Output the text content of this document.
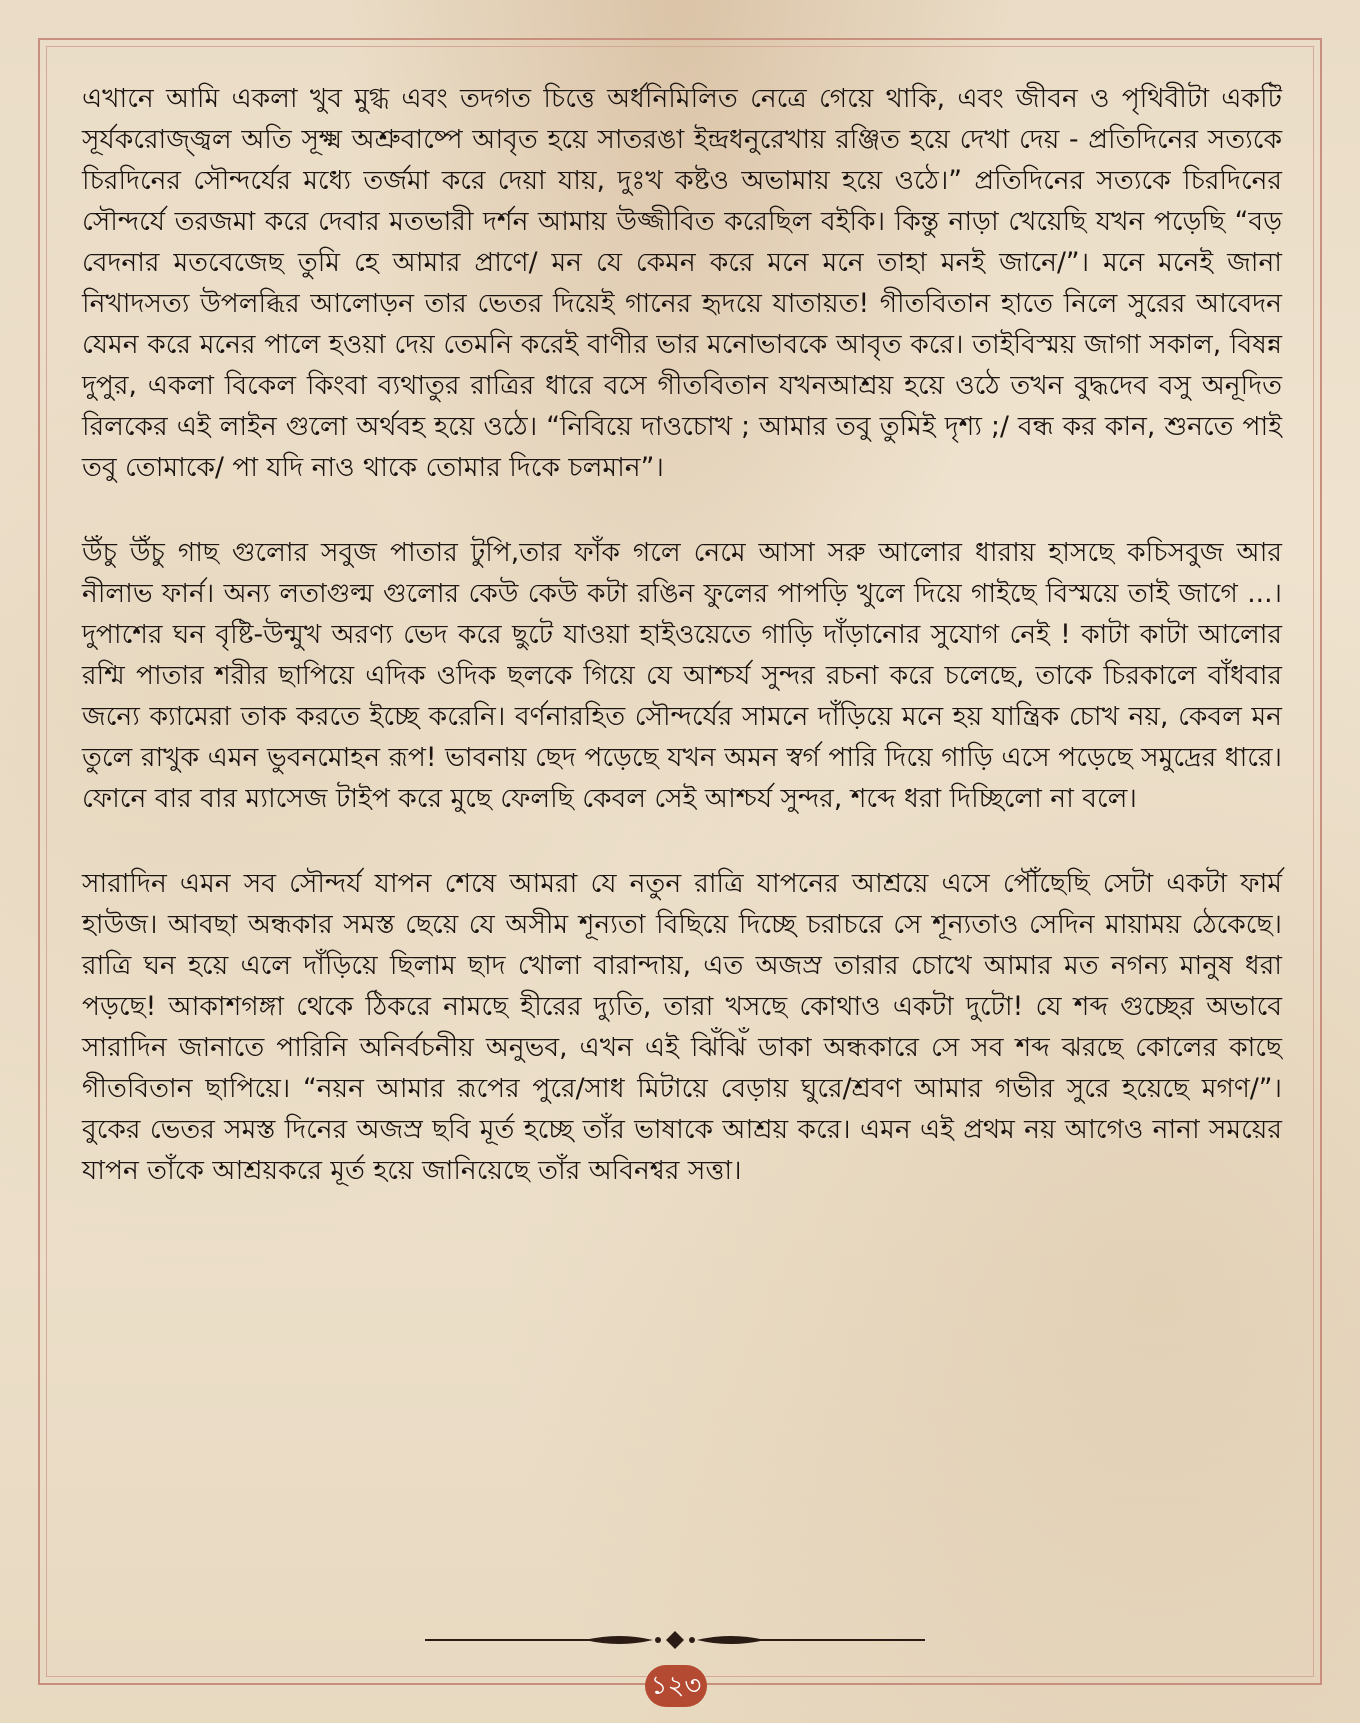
এখানে আমি একলা খুব মুগ্ধ এবং তদগত চিত্তে অর্ধনিমিলিত নেত্রে গেয়ে থাকি, এবং জীবন ও পৃথিবীটা একটি সূর্যকরোজ্জ্বল অতি সূক্ষ্ম অশ্রুবাষ্পে আবৃত হয়ে সাতরঙা ইন্দ্রধনুরেখায় রঞ্জিত হয়ে দেখা দেয় - প্রতিদিনের সত্যকে চিরদিনের সৌন্দর্যের মধ্যে তর্জমা করে দেয়া যায়, দুঃখ কষ্টও অভামায় হয়ে ওঠে।” প্রতিদিনের সত্যকে চিরদিনের সৌন্দর্যে তরজমা করে দেবার মতভারী দর্শন আমায় উজ্জীবিত করেছিল বইকি। কিন্তু নাড়া খেয়েছি যখন পড়েছি “বড় বেদনার মতবেজেছ তুমি হে আমার প্রাণে/ মন যে কেমন করে মনে মনে তাহা মনই জানে/”। মনে মনেই জানা নিখাদসত্য উপলব্ধির আলোড়ন তার ভেতর দিয়েই গানের হৃদয়ে যাতায়ত! গীতবিতান হাতে নিলে সুরের আবেদন যেমন করে মনের পালে হওয়া দেয় তেমনি করেই বাণীর ভার মনোভাবকে আবৃত করে। তাইবিস্ময় জাগা সকাল, বিষন্ন দুপুর, একলা বিকেল কিংবা ব্যথাতুর রাত্রির ধারে বসে গীতবিতান যখনআশ্রয় হয়ে ওঠে তখন বুদ্ধদেব বসু অনূদিত রিলকের এই লাইন গুলো অর্থবহ হয়ে ওঠে। “নিবিয়ে দাওচোখ ; আমার তবু তুমিই দৃশ্য ;/ বন্ধ কর কান, শুনতে পাই তবু তোমাকে/ পা যদি নাও থাকে তোমার দিকে চলমান”।

উঁচু উঁচু গাছ গুলোর সবুজ পাতার টুপি,তার ফাঁক গলে নেমে আসা সরু আলোর ধারায় হাসছে কচিসবুজ আর নীলাভ ফার্ন। অন্য লতাগুল্ম গুলোর কেউ কেউ কটা রঙিন ফুলের পাপড়ি খুলে দিয়ে গাইছে বিস্ময়ে তাই জাগে ...। দুপাশের ঘন বৃষ্টি-উন্মুখ অরণ্য ভেদ করে ছুটে যাওয়া হাইওয়েতে গাড়ি দাঁড়ানোর সুযোগ নেই ! কাটা কাটা আলোর রশ্মি পাতার শরীর ছাপিয়ে এদিক ওদিক ছলকে গিয়ে যে আশ্চর্য সুন্দর রচনা করে চলেছে, তাকে চিরকালে বাঁধবার জন্যে ক্যামেরা তাক করতে ইচ্ছে করেনি। বর্ণনারহিত সৌন্দর্যের সামনে দাঁড়িয়ে মনে হয় যান্ত্রিক চোখ নয়, কেবল মন তুলে রাখুক এমন ভুবনমোহন রূপ! ভাবনায় ছেদ পড়েছে যখন অমন স্বর্গ পারি দিয়ে গাড়ি এসে পড়েছে সমুদ্রের ধারে। ফোনে বার বার ম্যাসেজ টাইপ করে মুছে ফেলছি কেবল সেই আশ্চর্য সুন্দর, শব্দে ধরা দিচ্ছিলো না বলে।

সারাদিন এমন সব সৌন্দর্য যাপন শেষে আমরা যে নতুন রাত্রি যাপনের আশ্রয়ে এসে পৌঁছেছি সেটা একটা ফার্ম হাউজ। আবছা অন্ধকার সমস্ত ছেয়ে যে অসীম শূন্যতা বিছিয়ে দিচ্ছে চরাচরে সে শূন্যতাও সেদিন মায়াময় ঠেকেছে। রাত্রি ঘন হয়ে এলে দাঁড়িয়ে ছিলাম ছাদ খোলা বারান্দায়, এত অজস্র তারার চোখে আমার মত নগন্য মানুষ ধরা পড়ছে! আকাশগঙ্গা থেকে ঠিকরে নামছে হীরের দ্যুতি, তারা খসছে কোথাও একটা দুটো! যে শব্দ গুচ্ছের অভাবে সারাদিন জানাতে পারিনি অনির্বচনীয় অনুভব, এখন এই ঝিঁঝিঁ ডাকা অন্ধকারে সে সব শব্দ ঝরছে কোলের কাছে গীতবিতান ছাপিয়ে। “নয়ন আমার রূপের পুরে/সাধ মিটায়ে বেড়ায় ঘুরে/শ্রবণ আমার গভীর সুরে হয়েছে মগণ/”। বুকের ভেতর সমস্ত দিনের অজস্র ছবি মূর্ত হচ্ছে তাঁর ভাষাকে আশ্রয় করে। এমন এই প্রথম নয় আগেও নানা সময়ের যাপন তাঁকে আশ্রয়করে মূর্ত হয়ে জানিয়েছে তাঁর অবিনশ্বর সত্তা।

১২৩
